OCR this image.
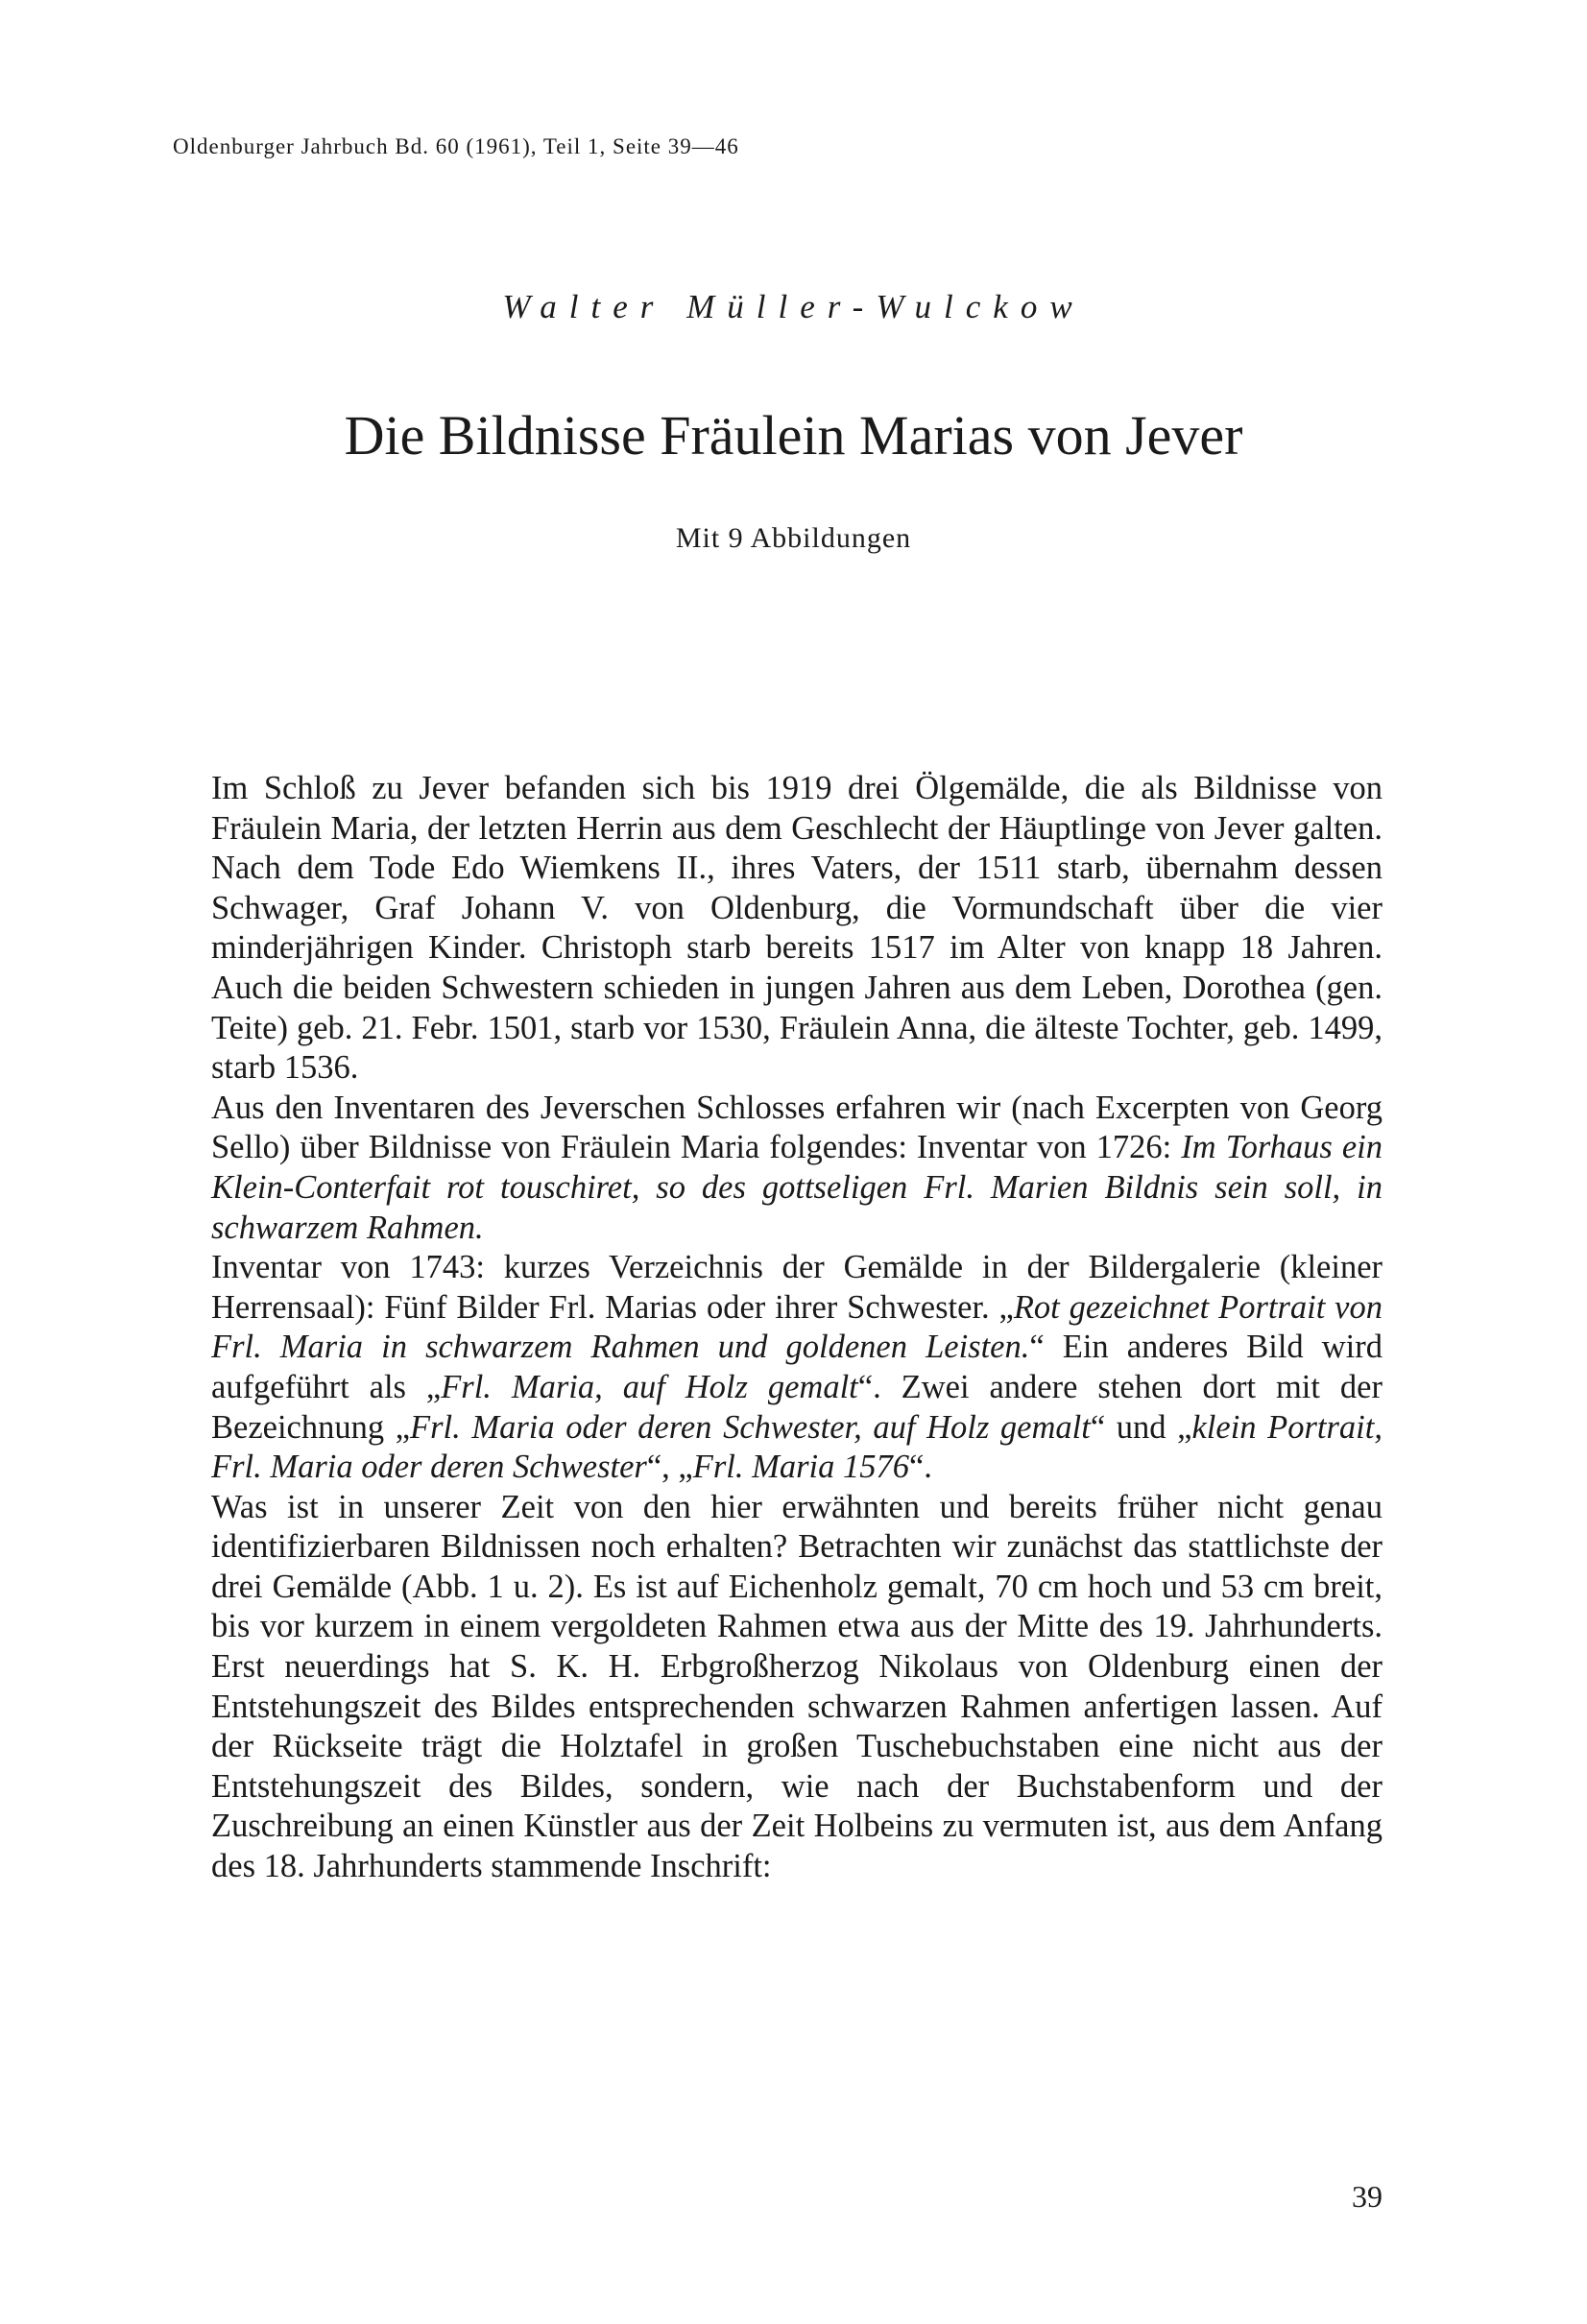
Oldenburger Jahrbuch Bd. 60 (1961), Teil 1, Seite 39—46
Walter Müller-Wulckow
Die Bildnisse Fräulein Marias von Jever
Mit 9 Abbildungen

Im Schloß zu Jever befanden sich bis 1919 drei Ölgemälde, die als Bildnisse von Fräulein Maria, der letzten Herrin aus dem Geschlecht der Häuptlinge von Jever galten. Nach dem Tode Edo Wiemkens II., ihres Vaters, der 1511 starb, übernahm dessen Schwager, Graf Johann V. von Oldenburg, die Vormundschaft über die vier minderjährigen Kinder. Christoph starb bereits 1517 im Alter von knapp 18 Jahren. Auch die beiden Schwestern schieden in jungen Jahren aus dem Leben, Dorothea (gen. Teite) geb. 21. Febr. 1501, starb vor 1530, Fräulein Anna, die älteste Tochter, geb. 1499, starb 1536.

Aus den Inventaren des Jeverschen Schlosses erfahren wir (nach Excerpten von Georg Sello) über Bildnisse von Fräulein Maria folgendes: Inventar von 1726: Im Torhaus ein Klein-Conterfait rot touschiret, so des gottseligen Frl. Marien Bildnis sein soll, in schwarzem Rahmen.

Inventar von 1743: kurzes Verzeichnis der Gemälde in der Bildergalerie (kleiner Herrensaal): Fünf Bilder Frl. Marias oder ihrer Schwester. „Rot gezeichnet Portrait von Frl. Maria in schwarzem Rahmen und goldenen Leisten.“ Ein anderes Bild wird aufgeführt als „Frl. Maria, auf Holz gemalt“. Zwei andere stehen dort mit der Bezeichnung „Frl. Maria oder deren Schwester, auf Holz gemalt“ und „klein Portrait, Frl. Maria oder deren Schwester“, „Frl. Maria 1576“.

Was ist in unserer Zeit von den hier erwähnten und bereits früher nicht genau identifizierbaren Bildnissen noch erhalten? Betrachten wir zunächst das stattlichste der drei Gemälde (Abb. 1 u. 2). Es ist auf Eichenholz gemalt, 70 cm hoch und 53 cm breit, bis vor kurzem in einem vergoldeten Rahmen etwa aus der Mitte des 19. Jahrhunderts. Erst neuerdings hat S. K. H. Erbgroßherzog Nikolaus von Oldenburg einen der Entstehungszeit des Bildes entsprechenden schwarzen Rahmen anfertigen lassen. Auf der Rückseite trägt die Holztafel in großen Tuschebuchstaben eine nicht aus der Entstehungszeit des Bildes, sondern, wie nach der Buchstabenform und der Zuschreibung an einen Künstler aus der Zeit Holbeins zu vermuten ist, aus dem Anfang des 18. Jahrhunderts stammende Inschrift:

39
